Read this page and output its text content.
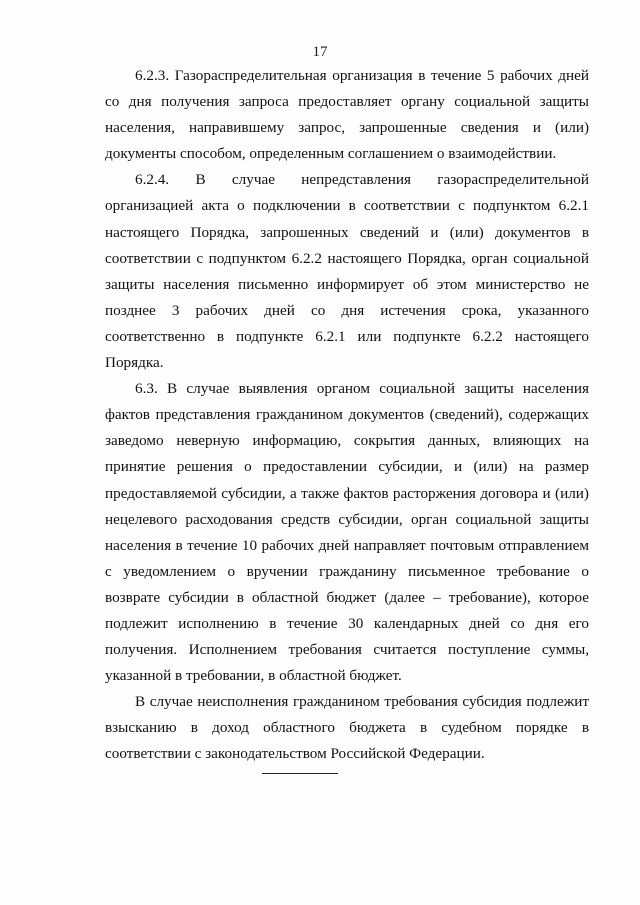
17

6.2.3. Газораспределительная организация в течение 5 рабочих дней со дня получения запроса предоставляет органу социальной защиты населения, направившему запрос, запрошенные сведения и (или) документы способом, определенным соглашением о взаимодействии.

6.2.4. В случае непредставления газораспределительной организацией акта о подключении в соответствии с подпунктом 6.2.1 настоящего Порядка, запрошенных сведений и (или) документов в соответствии с подпунктом 6.2.2 настоящего Порядка, орган социальной защиты населения письменно информирует об этом министерство не позднее 3 рабочих дней со дня истечения срока, указанного соответственно в подпункте 6.2.1 или подпункте 6.2.2 настоящего Порядка.

6.3. В случае выявления органом социальной защиты населения фактов представления гражданином документов (сведений), содержащих заведомо неверную информацию, сокрытия данных, влияющих на принятие решения о предоставлении субсидии, и (или) на размер предоставляемой субсидии, а также фактов расторжения договора и (или) нецелевого расходования средств субсидии, орган социальной защиты населения в течение 10 рабочих дней направляет почтовым отправлением с уведомлением о вручении гражданину письменное требование о возврате субсидии в областной бюджет (далее – требование), которое подлежит исполнению в течение 30 календарных дней со дня его получения. Исполнением требования считается поступление суммы, указанной в требовании, в областной бюджет.

В случае неисполнения гражданином требования субсидия подлежит взысканию в доход областного бюджета в судебном порядке в соответствии с законодательством Российской Федерации.
